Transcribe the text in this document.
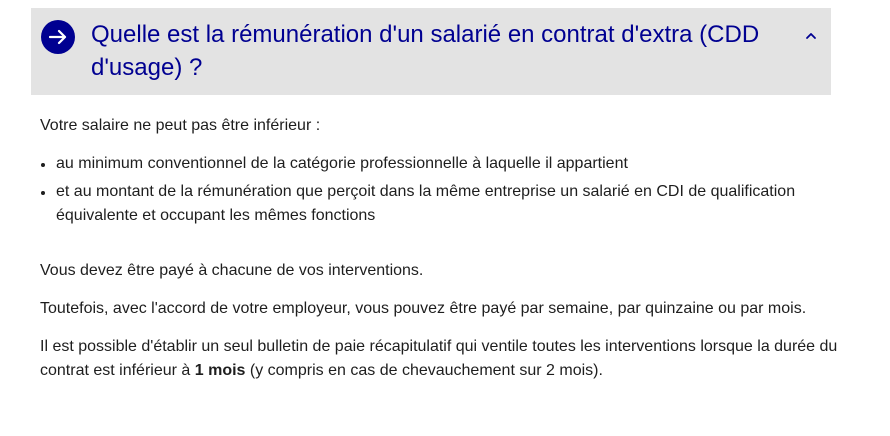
Quelle est la rémunération d'un salarié en contrat d'extra (CDD d'usage) ?

Votre salaire ne peut pas être inférieur :

au minimum conventionnel de la catégorie professionnelle à laquelle il appartient
et au montant de la rémunération que perçoit dans la même entreprise un salarié en CDI de qualification équivalente et occupant les mêmes fonctions

Vous devez être payé à chacune de vos interventions.

Toutefois, avec l'accord de votre employeur, vous pouvez être payé par semaine, par quinzaine ou par mois.

Il est possible d'établir un seul bulletin de paie récapitulatif qui ventile toutes les interventions lorsque la durée du contrat est inférieur à 1 mois (y compris en cas de chevauchement sur 2 mois).
